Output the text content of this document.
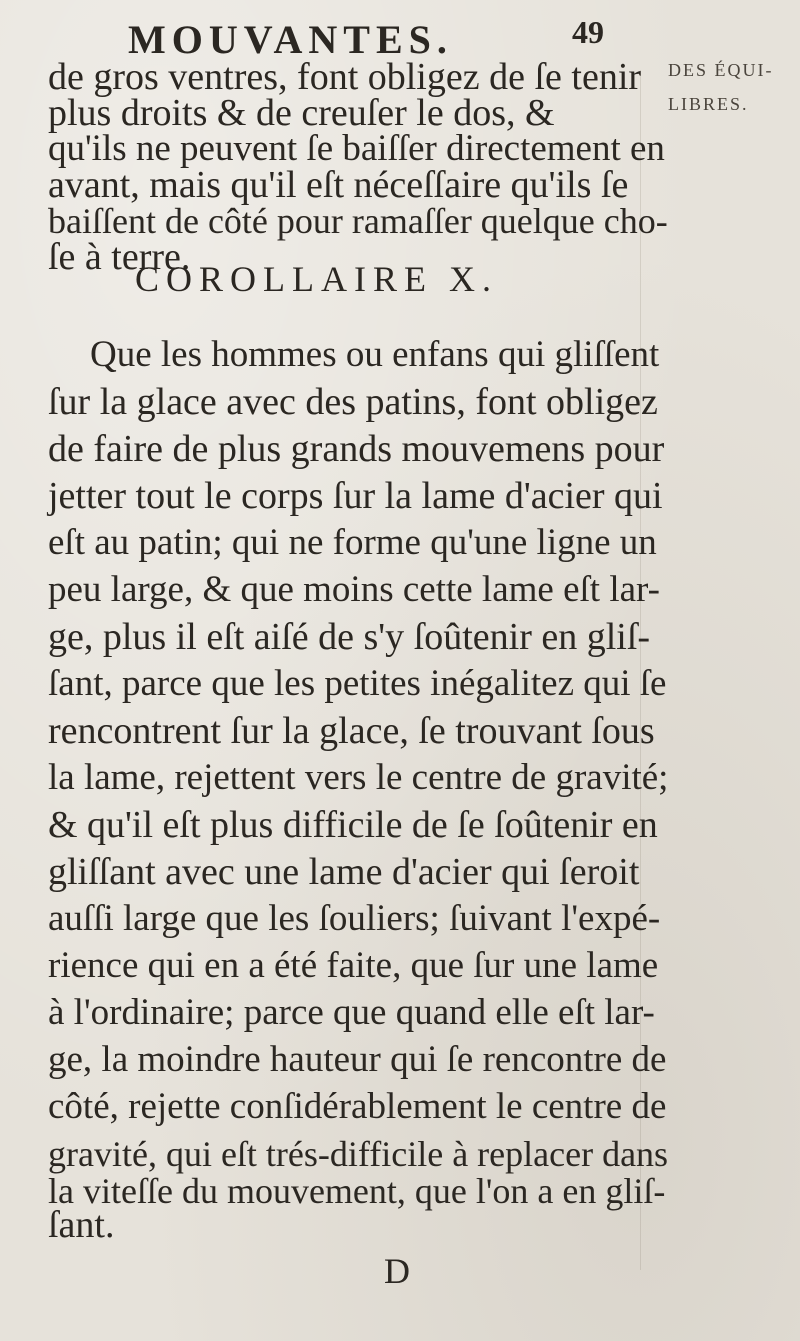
MOUVANTES.	49
DES ÉQUI-
LIBRES.
de gros ventres, font obligez de ſe tenir
plus droits & de creuſer le dos, &
qu'ils ne peuvent ſe baiſſer directement en
avant, mais qu'il eſt néceſſaire qu'ils ſe
baiſſent de côté pour ramaſſer quelque cho-
ſe à terre.
COROLLAIRE X.
Que les hommes ou enfans qui gliſſent
ſur la glace avec des patins, font obligez
de faire de plus grands mouvemens pour
jetter tout le corps ſur la lame d'acier qui
eſt au patin; qui ne forme qu'une ligne un
peu large, & que moins cette lame eſt lar-
ge, plus il eſt aiſé de s'y ſoûtenir en gliſ-
ſant, parce que les petites inégalitez qui ſe
rencontrent ſur la glace, ſe trouvant ſous
la lame, rejettent vers le centre de gravité;
& qu'il eſt plus difficile de ſe ſoûtenir en
gliſſant avec une lame d'acier qui ſeroit
auſſi large que les ſouliers; ſuivant l'expé-
rience qui en a été faite, que ſur une lame
à l'ordinaire; parce que quand elle eſt lar-
ge, la moindre hauteur qui ſe rencontre de
côté, rejette conſidérablement le centre de
gravité, qui eſt trés-difficile à replacer dans
la viteſſe du mouvement, que l'on a en gliſ-
ſant.
D
